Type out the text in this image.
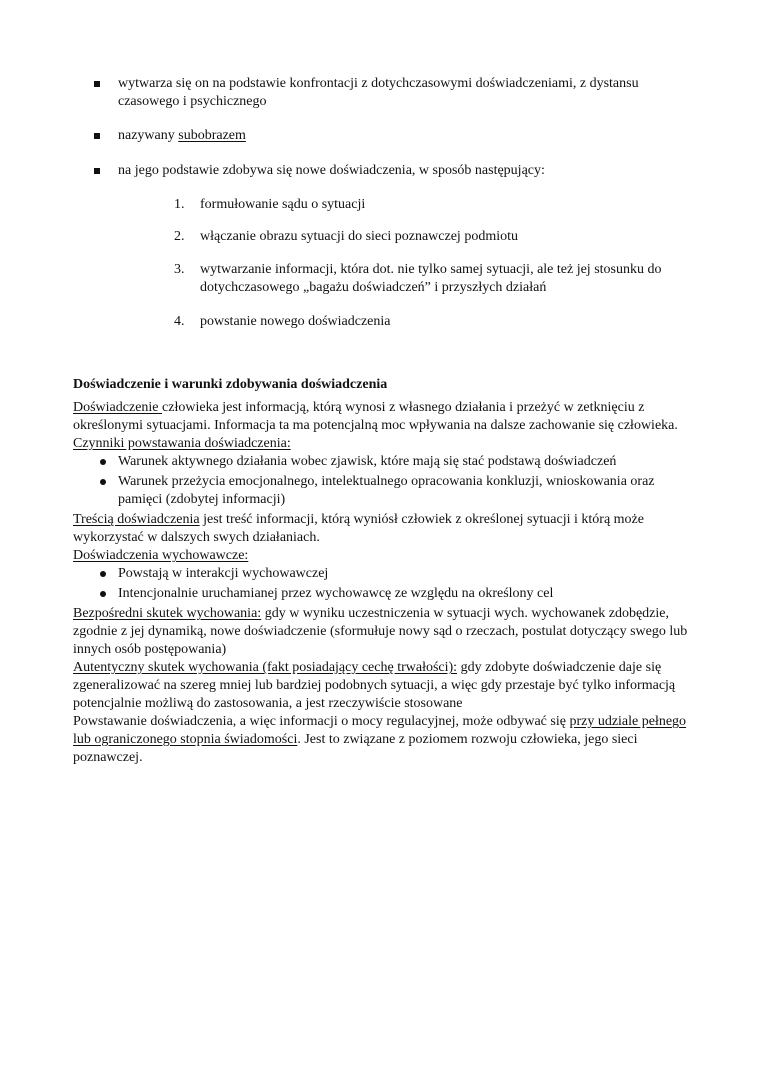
wytwarza się on na podstawie konfrontacji z dotychczasowymi doświadczeniami, z dystansu czasowego i psychicznego
nazywany subobrazem
na jego podstawie zdobywa się nowe doświadczenia, w sposób następujący:
1.	formułowanie sądu o sytuacji
2.	włączanie obrazu sytuacji do sieci poznawczej podmiotu
3.	wytwarzanie informacji, która dot. nie tylko samej sytuacji, ale też jej stosunku do dotychczasowego „bagażu doświadczeń” i przyszłych działań
4.	powstanie nowego doświadczenia

Doświadczenie i warunki zdobywania doświadczenia

Doświadczenie człowieka jest informacją, którą wynosi z własnego działania i przeżyć w zetknięciu z określonymi sytuacjami. Informacja ta ma potencjalną moc wpływania na dalsze zachowanie się człowieka.

Czynniki powstawania doświadczenia:

Warunek aktywnego działania wobec zjawisk, które mają się stać podstawą doświadczeń
Warunek przeżycia emocjonalnego, intelektualnego opracowania konkluzji, wnioskowania oraz pamięci (zdobytej informacji)

Treścią doświadczenia jest treść informacji, którą wyniósł człowiek z określonej sytuacji i którą może wykorzystać w dalszych swych działaniach.

Doświadczenia wychowawcze:

Powstają w interakcji wychowawczej
Intencjonalnie uruchamianej przez wychowawcę ze względu na określony cel

Bezpośredni skutek wychowania: gdy w wyniku uczestniczenia w sytuacji wych. wychowanek zdobędzie, zgodnie z jej dynamiką, nowe doświadczenie (sformułuje nowy sąd o rzeczach, postulat dotyczący swego lub innych osób postępowania)

Autentyczny skutek wychowania (fakt posiadający cechę trwałości): gdy zdobyte doświadczenie daje się zgeneralizować na szereg mniej lub bardziej podobnych sytuacji, a więc gdy przestaje być tylko informacją potencjalnie możliwą do zastosowania, a jest rzeczywiście stosowane

Powstawanie doświadczenia, a więc informacji o mocy regulacyjnej, może odbywać się przy udziale pełnego lub ograniczonego stopnia świadomości. Jest to związane z poziomem rozwoju człowieka, jego sieci poznawczej.
